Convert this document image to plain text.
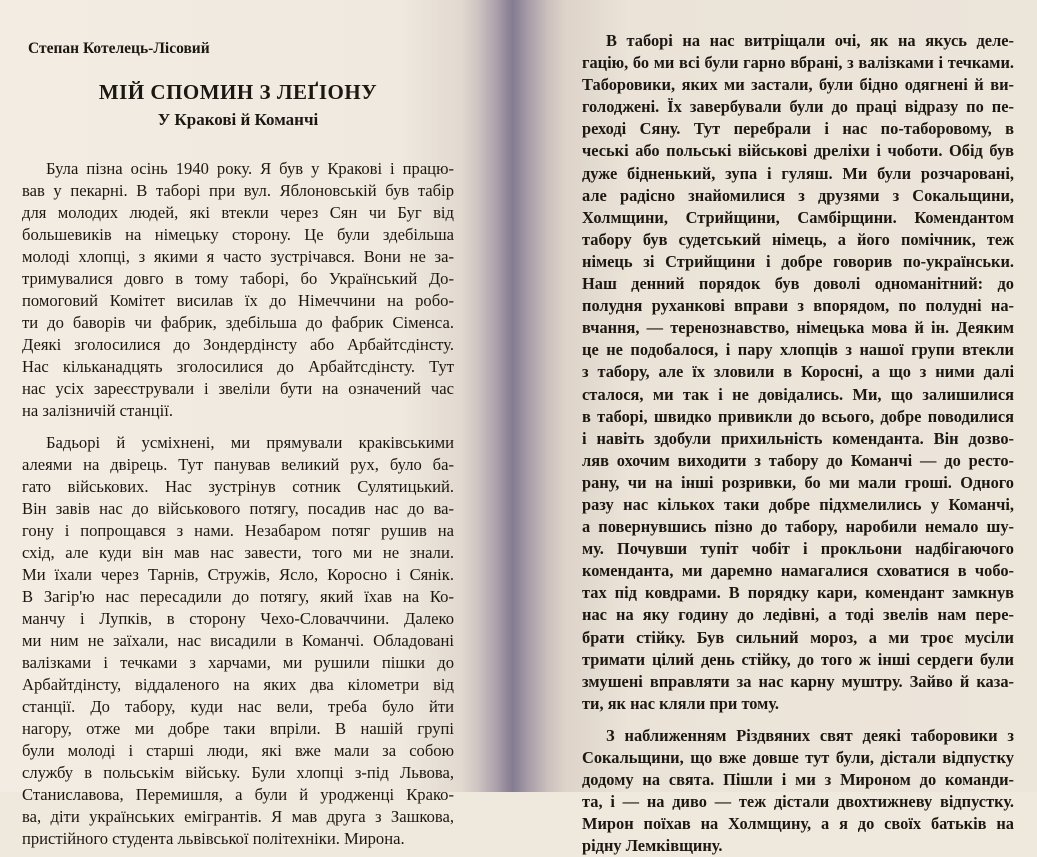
Степан Котелець-Лісовий
МІЙ СПОМИН З ЛЕҐІОНУ
У Кракові й Команчі
Була пізна осінь 1940 року. Я був у Кракові і працю-
вав у пекарні. В таборі при вул. Яблоновській був табір
для молодих людей, які втекли через Сян чи Буг від
большевиків на німецьку сторону. Це були здебільша
молоді хлопці, з якими я часто зустрічався. Вони не за-
тримувалися довго в тому таборі, бо Український До-
помоговий Комітет висилав їх до Німеччини на робо-
ти до баворів чи фабрик, здебільша до фабрик Сіменса.
Деякі зголосилися до Зондердінсту або Арбайтсдінсту.
Нас кільканадцять зголосилися до Арбайтсдінсту. Тут
нас усіх зареєстрували і звеліли бути на означений час
на залізничій станції.
Бадьорі й усміхнені, ми прямували краківськими
алеями на двірець. Тут панував великий рух, було ба-
гато військових. Нас зустрінув сотник Сулятицький.
Він завів нас до військового потягу, посадив нас до ва-
гону і попрощався з нами. Незабаром потяг рушив на
схід, але куди він мав нас завести, того ми не знали.
Ми їхали через Тарнів, Стружів, Ясло, Коросно і Сянік.
В Загір'ю нас пересадили до потягу, який їхав на Ко-
манчу і Лупків, в сторону Чехо-Словаччини. Далеко
ми ним не заїхали, нас висадили в Команчі. Обладовані
валізками і течками з харчами, ми рушили пішки до
Арбайтдінсту, віддаленого на яких два кілометри від
станції. До табору, куди нас вели, треба було йти
нагору, отже ми добре таки впріли. В нашій групі
були молоді і старші люди, які вже мали за собою
службу в польськім війську. Були хлопці з-під Львова,
Станиславова, Перемишля, а були й уродженці Крако-
ва, діти українських емігрантів. Я мав друга з Зашкова,
пристійного студента львівської політехніки. Мирона.
В таборі на нас витріщали очі, як на якусь деле-
гацію, бо ми всі були гарно вбрані, з валізками і течками.
Таборовики, яких ми застали, були бідно одягнені й ви-
голоджені. Їх завербували були до праці відразу по пе-
реході Сяну. Тут перебрали і нас по-таборовому, в
чеські або польські військові дреліхи і чоботи. Обід був
дуже бідненький, зупа і гуляш. Ми були розчаровані,
але радісно знайомилися з друзями з Сокальщини,
Холмщини, Стрийщини, Самбірщини. Комендантом
табору був судетський німець, а його помічник, теж
німець зі Стрийщини і добре говорив по-українськи.
Наш денний порядок був доволі одноманітний: до
полудня руханкові вправи з впорядом, по полудні на-
вчання, — теренознавство, німецька мова й ін. Деяким
це не подобалося, і пару хлопців з нашої групи втекли
з табору, але їх зловили в Коросні, а що з ними далі
сталося, ми так і не довідались. Ми, що залишилися
в таборі, швидко привикли до всього, добре поводилися
і навіть здобули прихильність коменданта. Він дозво-
ляв охочим виходити з табору до Команчі — до ресто-
рану, чи на інші розривки, бо ми мали гроші. Одного
разу нас кількох таки добре підхмелились у Команчі,
а повернувшись пізно до табору, наробили немало шу-
му. Почувши тупіт чобіт і прокльони надбігаючого
коменданта, ми даремно намагалися сховатися в чобо-
тах під ковдрами. В порядку кари, комендант замкнув
нас на яку годину до ледівні, а тоді звелів нам пере-
брати стійку. Був сильний мороз, а ми троє мусіли
тримати цілий день стійку, до того ж інші сердеги були
змушені вправляти за нас карну муштру. Зайво й каза-
ти, як нас кляли при тому.
З наближенням Різдвяних свят деякі таборовики з
Сокальщини, що вже довше тут були, дістали відпустку
додому на свята. Пішли і ми з Мироном до команди-
та, і — на диво — теж дістали двохтижневу відпустку.
Мирон поїхав на Холмщину, а я до своїх батьків на
рідну Лемківщину.
